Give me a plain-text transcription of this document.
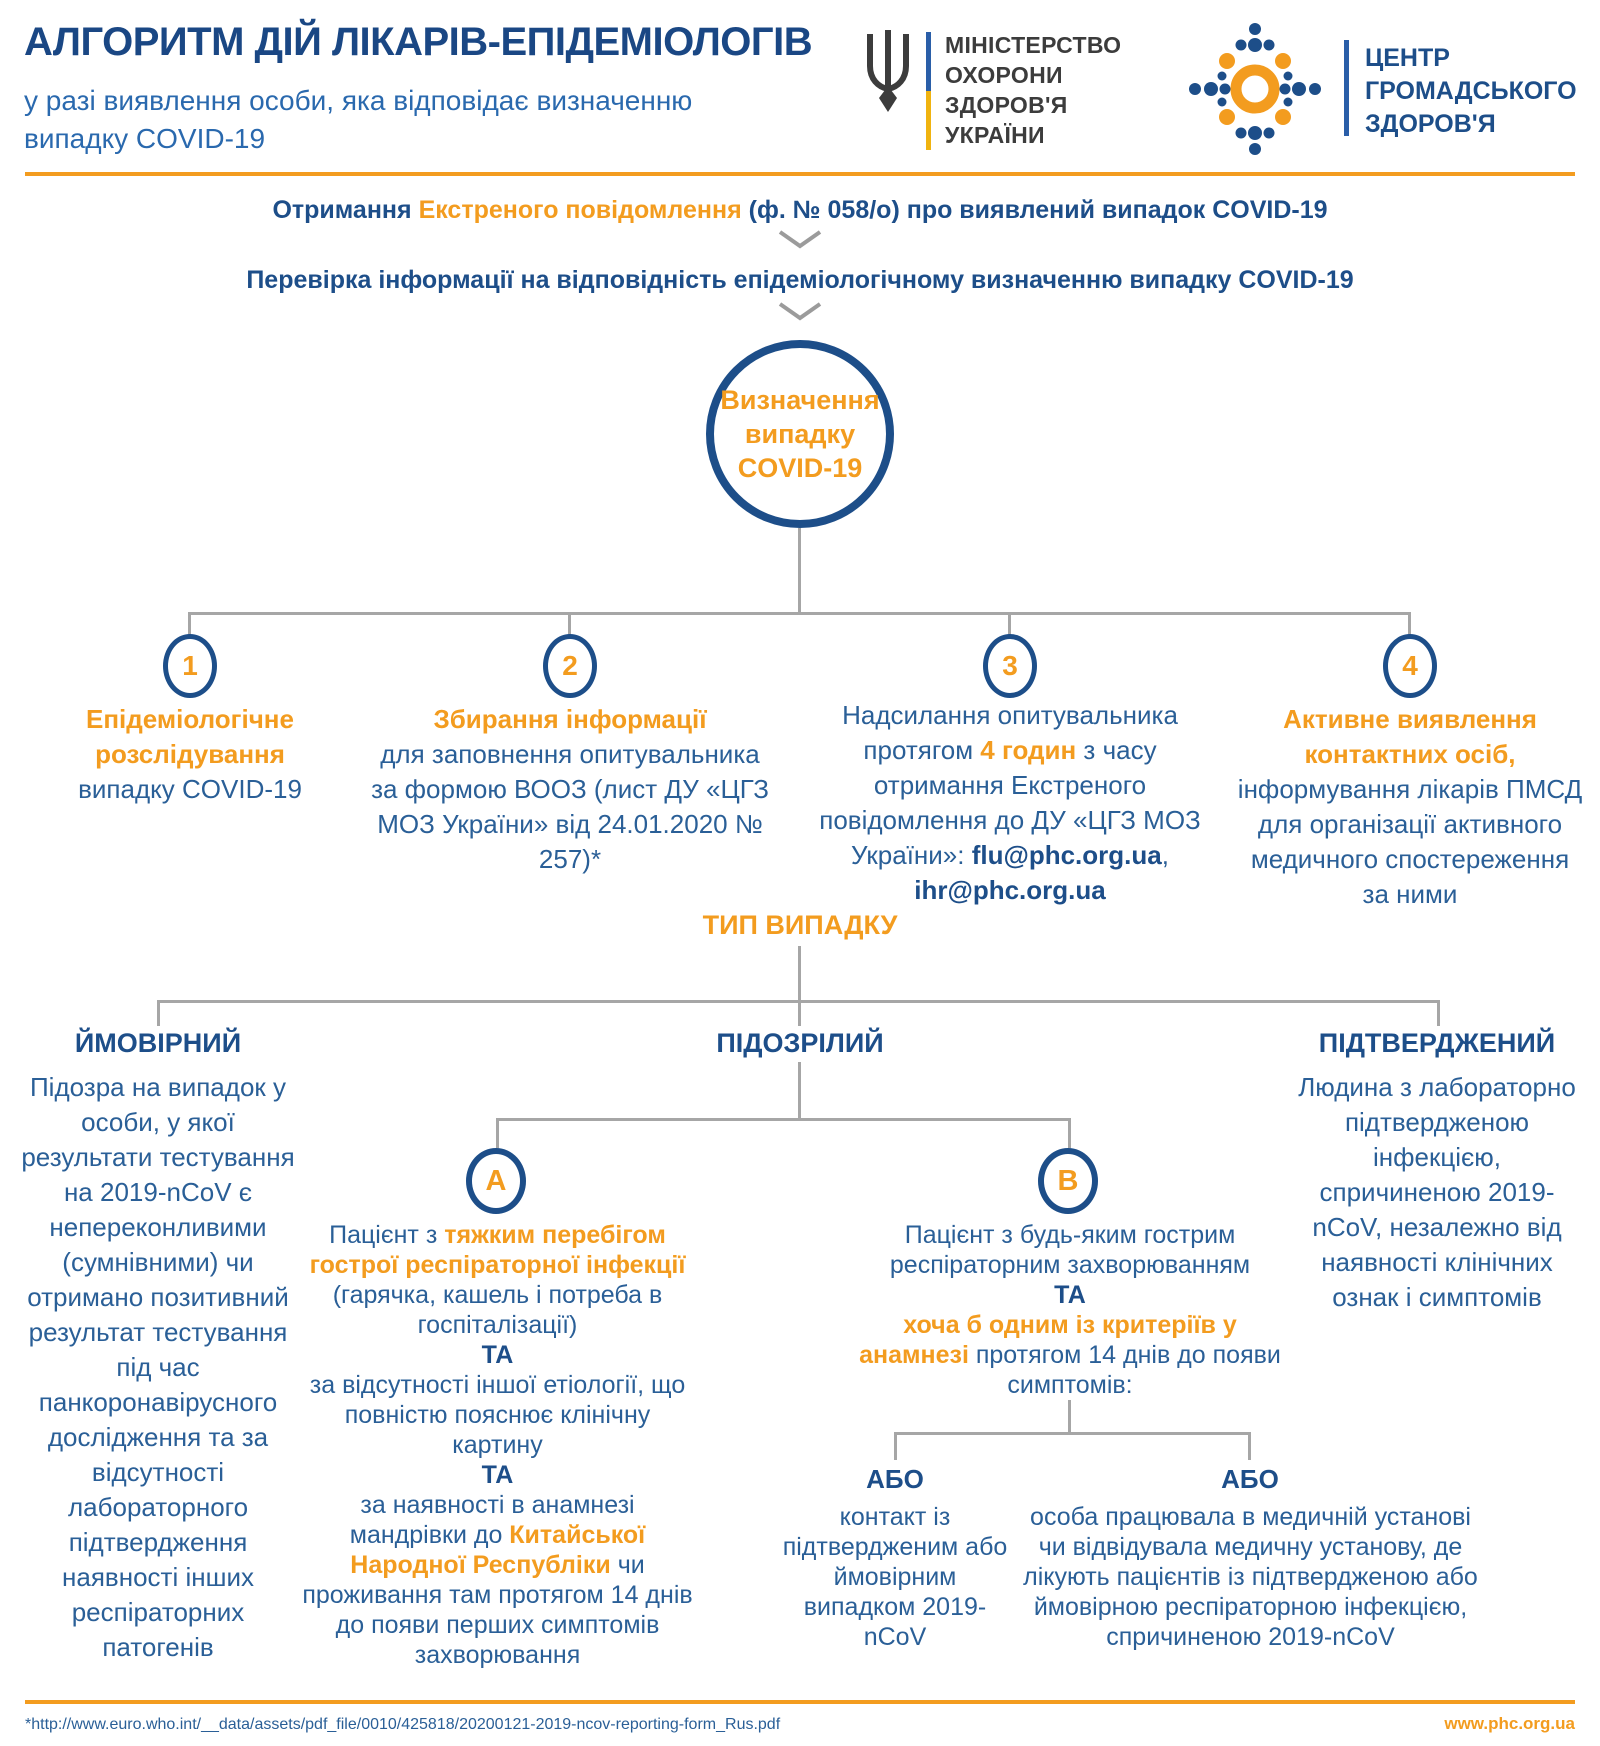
АЛГОРИТМ ДІЙ ЛІКАРІВ-ЕПІДЕМІОЛОГІВ
у разі виявлення особи, яка відповідає визначенню випадку COVID-19
МІНІСТЕРСТВО
ОХОРОНИ
ЗДОРОВ'Я
УКРАЇНИ
ЦЕНТР
ГРОМАДСЬКОГО
ЗДОРОВ'Я
Отримання Екстреного повідомлення (ф. № 058/о) про виявлений випадок COVID-19
Перевірка інформації на відповідність епідеміологічному визначенню випадку COVID-19
Визначення випадку COVID-19
1	2	3	4
Епідеміологічне розслідування
випадку COVID-19
Збирання інформації
для заповнення опитувальника за формою ВООЗ (лист ДУ «ЦГЗ МОЗ України» від 24.01.2020 № 257)*
Надсилання опитувальника протягом 4 годин з часу отримання Екстреного повідомлення до ДУ «ЦГЗ МОЗ України»: flu@phc.org.ua, ihr@phc.org.ua
Активне виявлення контактних осіб, інформування лікарів ПМСД для організації активного медичного спостереження за ними
ТИП ВИПАДКУ
ЙМОВІРНИЙ	ПІДОЗРІЛИЙ	ПІДТВЕРДЖЕНИЙ
Підозра на випадок у особи, у якої результати тестування на 2019-nCoV є непереконливими (сумнівними) чи отримано позитивний результат тестування під час панкоронавірусного дослідження та за відсутності лабораторного підтвердження наявності інших респіраторних патогенів
Людина з лабораторно підтвердженою інфекцією, спричиненою 2019-nCoV, незалежно від наявності клінічних ознак і симптомів
А	В
Пацієнт з тяжким перебігом гострої респіраторної інфекції (гарячка, кашель і потреба в госпіталізації)
ТА
за відсутності іншої етіології, що повністю пояснює клінічну картину
ТА
за наявності в анамнезі мандрівки до Китайської Народної Республіки чи проживання там протягом 14 днів до появи перших симптомів захворювання
Пацієнт з будь-яким гострим респіраторним захворюванням
ТА
хоча б одним із критеріїв у анамнезі протягом 14 днів до появи симптомів:
АБО
контакт із підтвердженим або ймовірним випадком 2019-nCoV
АБО
особа працювала в медичній установі чи відвідувала медичну установу, де лікують пацієнтів із підтвердженою або ймовірною респіраторною інфекцією, спричиненою 2019-nCoV
*http://www.euro.who.int/__data/assets/pdf_file/0010/425818/20200121-2019-ncov-reporting-form_Rus.pdf	www.phc.org.ua
